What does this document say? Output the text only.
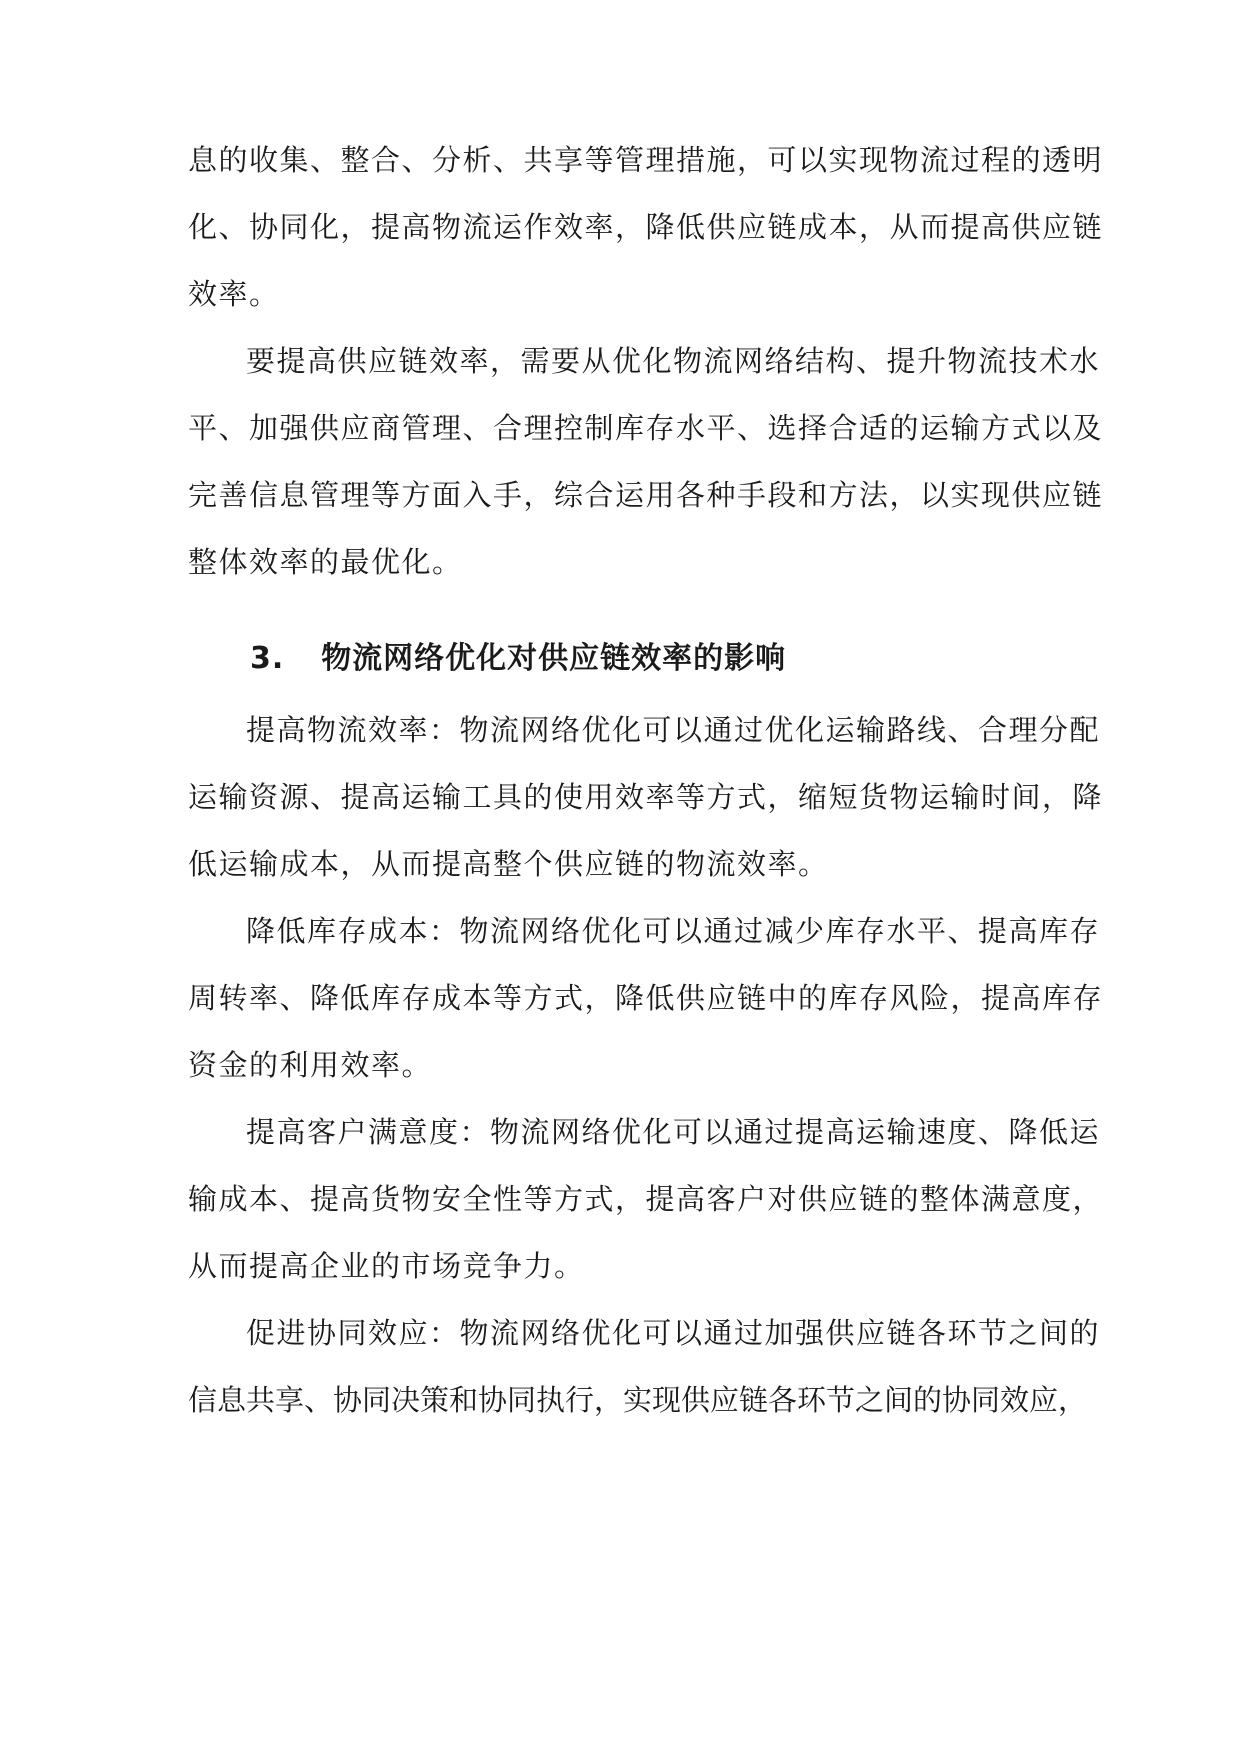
息的收集、整合、分析、共享等管理措施，可以实现物流过程的透明
化、协同化，提高物流运作效率，降低供应链成本，从而提高供应链
效率。
要提高供应链效率，需要从优化物流网络结构、提升物流技术水
平、加强供应商管理、合理控制库存水平、选择合适的运输方式以及
完善信息管理等方面入手，综合运用各种手段和方法，以实现供应链
整体效率的最优化。
3. 物流网络优化对供应链效率的影响
提高物流效率：物流网络优化可以通过优化运输路线、合理分配
运输资源、提高运输工具的使用效率等方式，缩短货物运输时间，降
低运输成本，从而提高整个供应链的物流效率。
降低库存成本：物流网络优化可以通过减少库存水平、提高库存
周转率、降低库存成本等方式，降低供应链中的库存风险，提高库存
资金的利用效率。
提高客户满意度：物流网络优化可以通过提高运输速度、降低运
输成本、提高货物安全性等方式，提高客户对供应链的整体满意度，
从而提高企业的市场竞争力。
促进协同效应：物流网络优化可以通过加强供应链各环节之间的
信息共享、协同决策和协同执行，实现供应链各环节之间的协同效应，
